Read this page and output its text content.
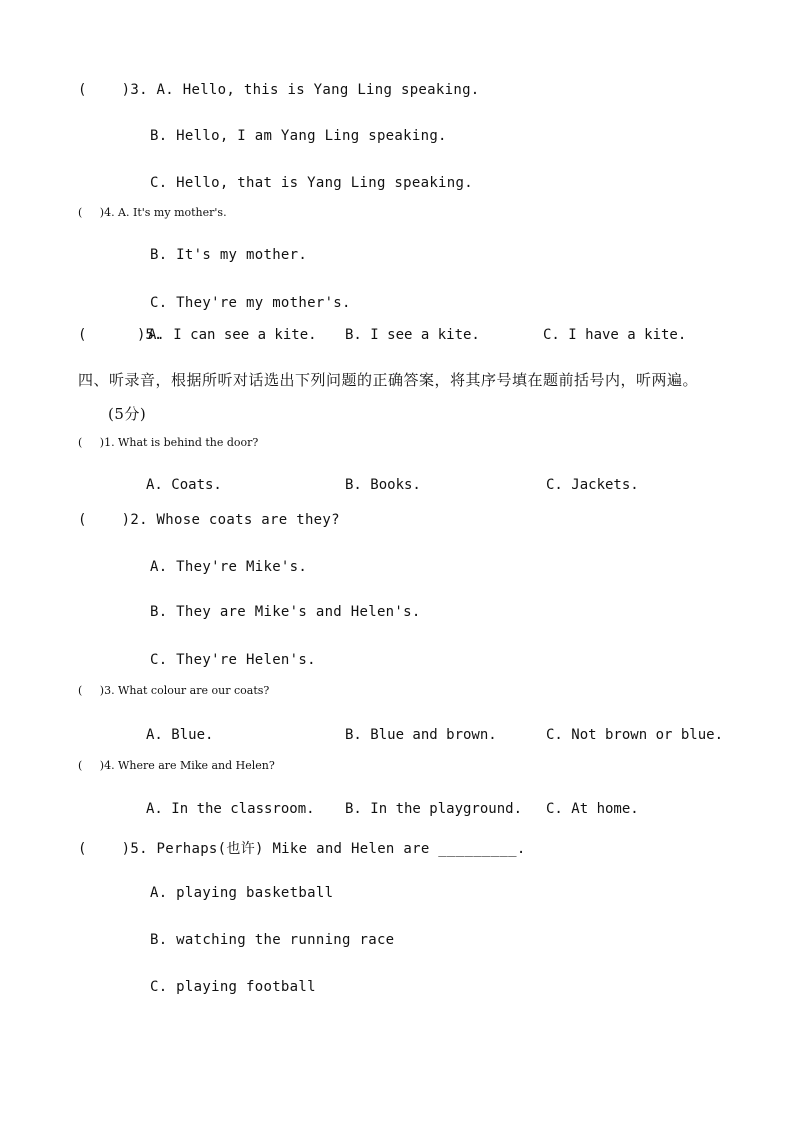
(    )3. A. Hello, this is Yang Ling speaking.
B. Hello, I am Yang Ling speaking.
C. Hello, that is Yang Ling speaking.
(     )4. A. It's my mother's.
B. It's my mother.
C. They're my mother's.
(      )5.
A. I can see a kite. B. I see a kite.	C. I have a kite.
四、听录音，根据所听对话选出下列问题的正确答案，将其序号填在题前括号内，听两遍。
(5分)
(     )1. What is behind the door?
A. Coats.	B. Books.	C. Jackets.
(    )2. Whose coats are they?
A. They're Mike's.
B. They are Mike's and Helen's.
C. They're Helen's.
(     )3. What colour are our coats?
A. Blue.	B. Blue and brown.	C. Not brown or blue.
(     )4. Where are Mike and Helen?
A. In the classroom. B. In the playground. C. At home.
(    )5. Perhaps(也许) Mike and Helen are _________.
A. playing basketball
B. watching the running race
C. playing football
